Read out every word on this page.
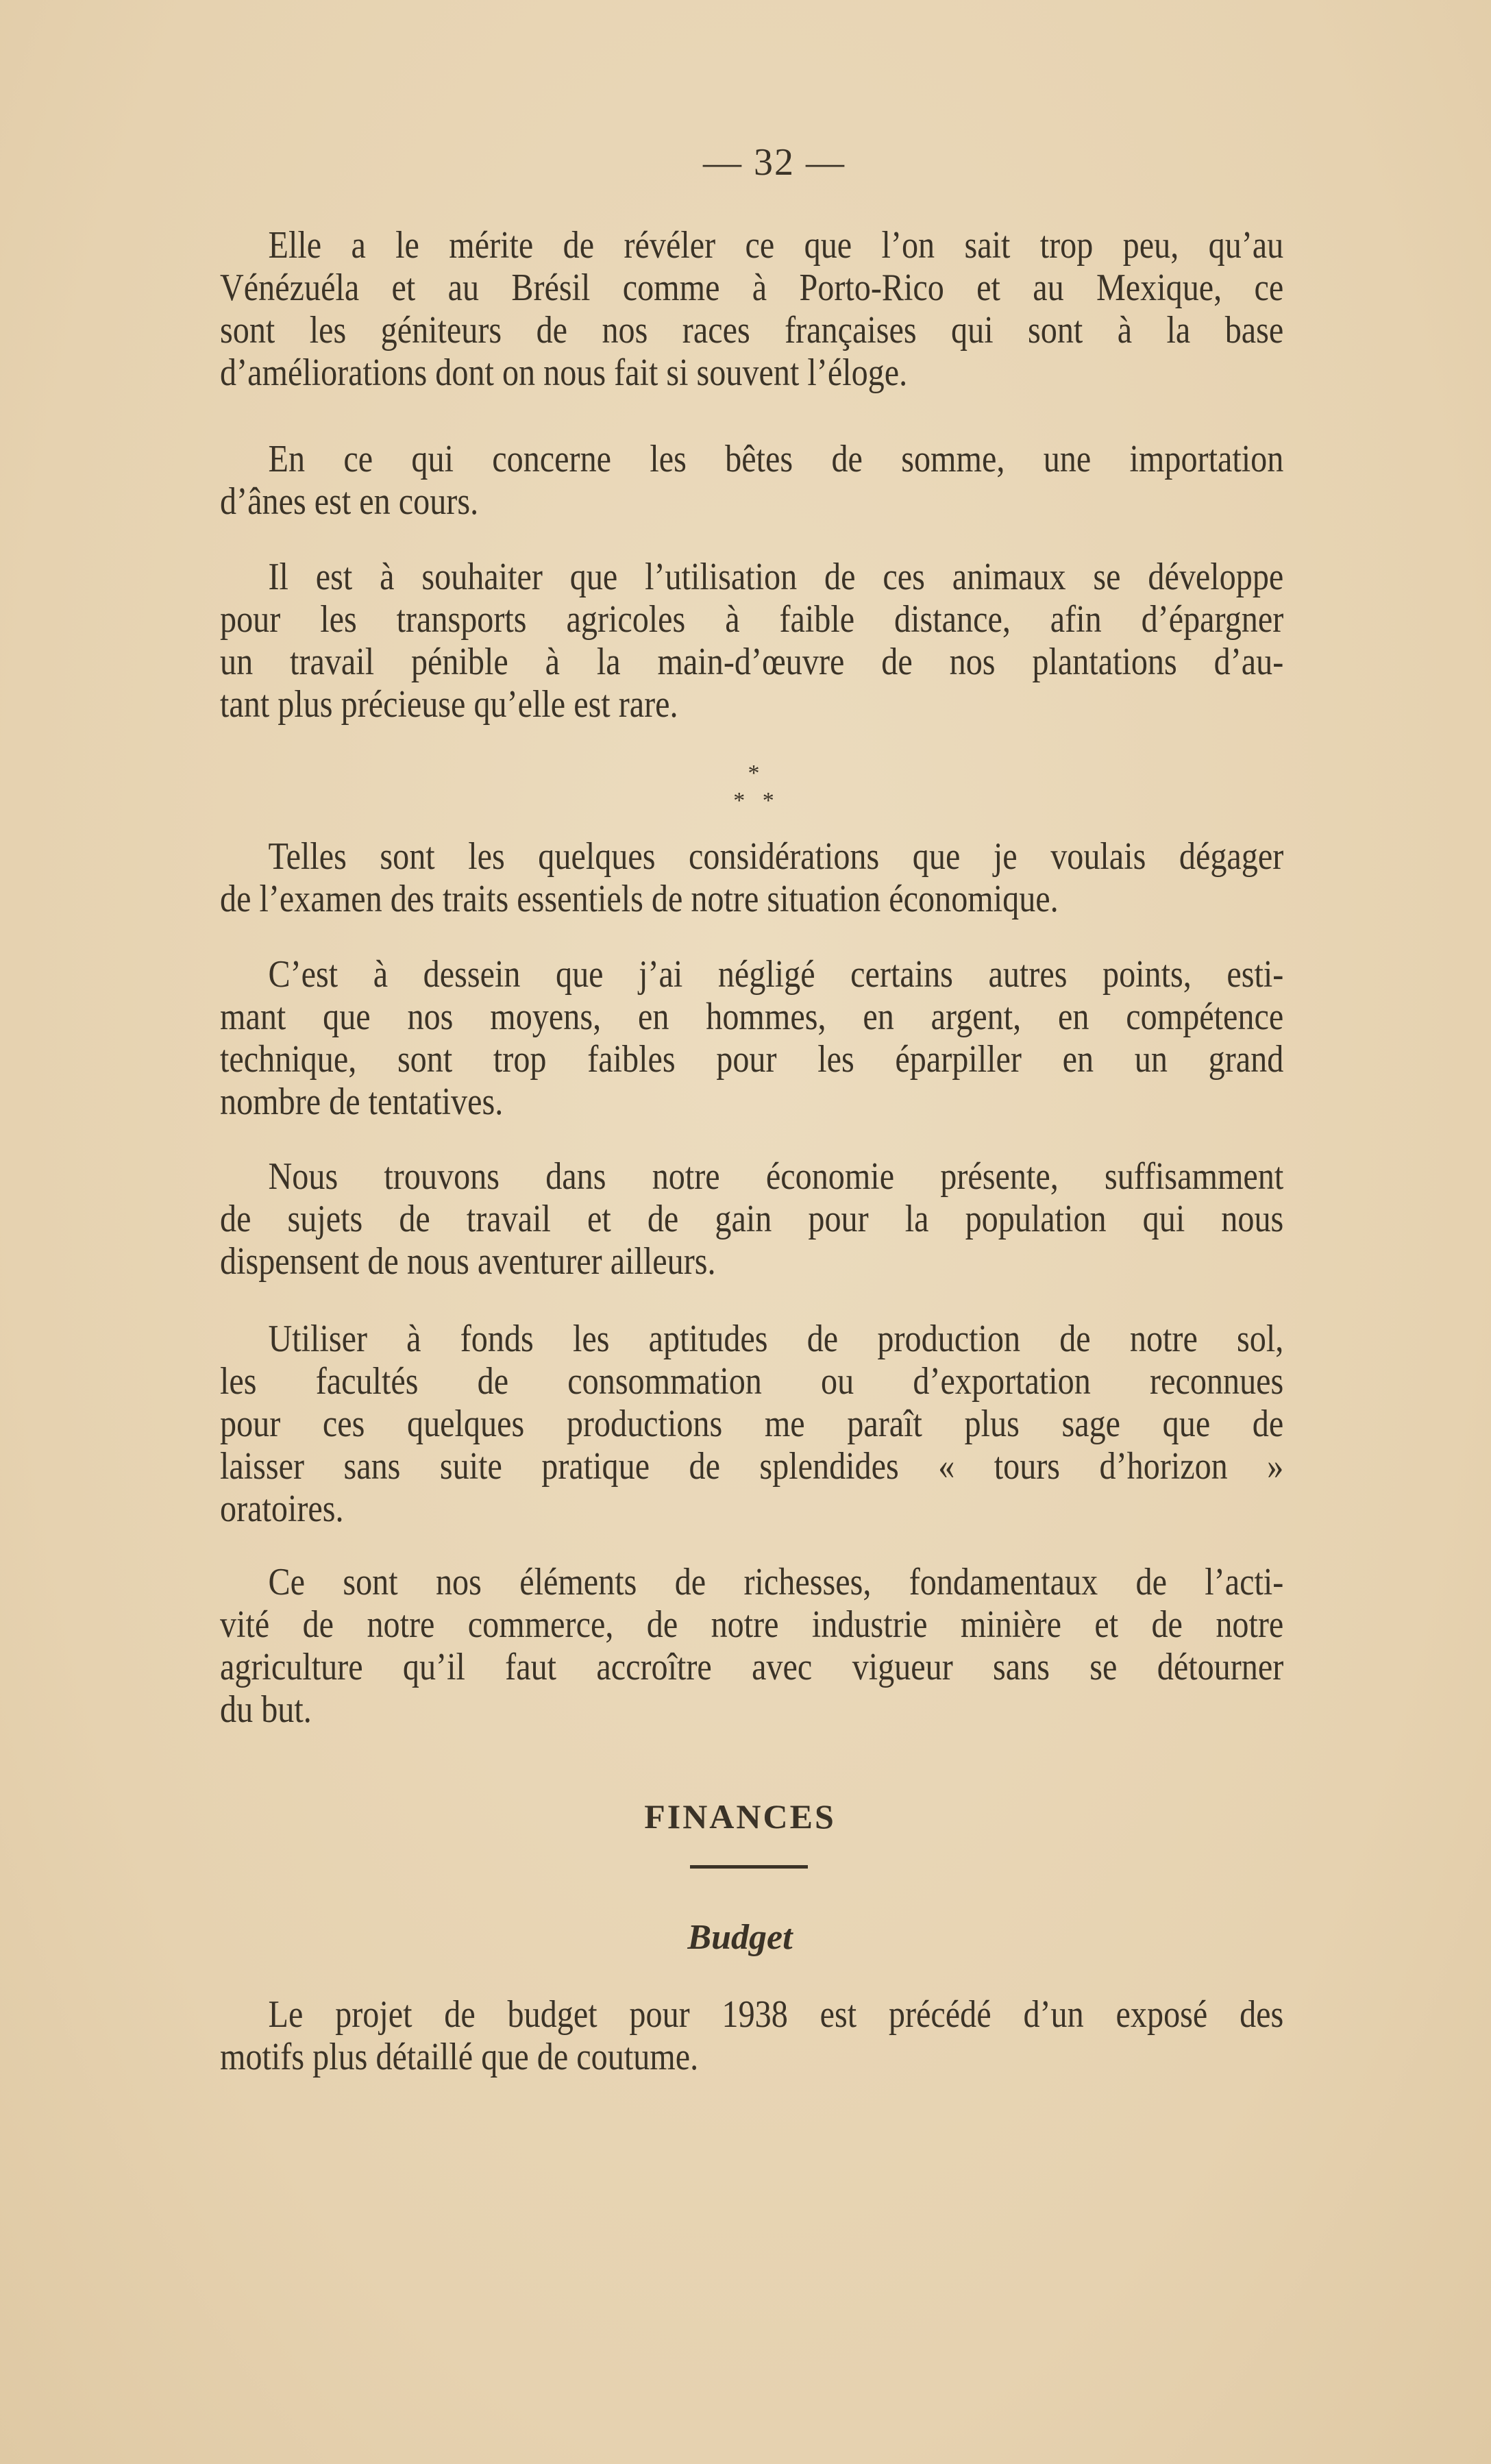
— 32 —
Elle a le mérite de révéler ce que l’on sait trop peu, qu’au
Vénézuéla et au Brésil comme à Porto-Rico et au Mexique, ce
sont les géniteurs de nos races françaises qui sont à la base
d’améliorations dont on nous fait si souvent l’éloge.
En ce qui concerne les bêtes de somme, une importation
d’ânes est en cours.
Il est à souhaiter que l’utilisation de ces animaux se développe
pour les transports agricoles à faible distance, afin d’épargner
un travail pénible à la main-d’œuvre de nos plantations d’au-
tant plus précieuse qu’elle est rare.
Telles sont les quelques considérations que je voulais dégager
de l’examen des traits essentiels de notre situation économique.
C’est à dessein que j’ai négligé certains autres points, esti-
mant que nos moyens, en hommes, en argent, en compétence
technique, sont trop faibles pour les éparpiller en un grand
nombre de tentatives.
Nous trouvons dans notre économie présente, suffisamment
de sujets de travail et de gain pour la population qui nous
dispensent de nous aventurer ailleurs.
Utiliser à fonds les aptitudes de production de notre sol,
les facultés de consommation ou d’exportation reconnues
pour ces quelques productions me paraît plus sage que de
laisser sans suite pratique de splendides « tours d’horizon »
oratoires.
Ce sont nos éléments de richesses, fondamentaux de l’acti-
vité de notre commerce, de notre industrie minière et de notre
agriculture qu’il faut accroître avec vigueur sans se détourner
du but.
Le projet de budget pour 1938 est précédé d’un exposé des
motifs plus détaillé que de coutume.
*
*   *
FINANCES
Budget
